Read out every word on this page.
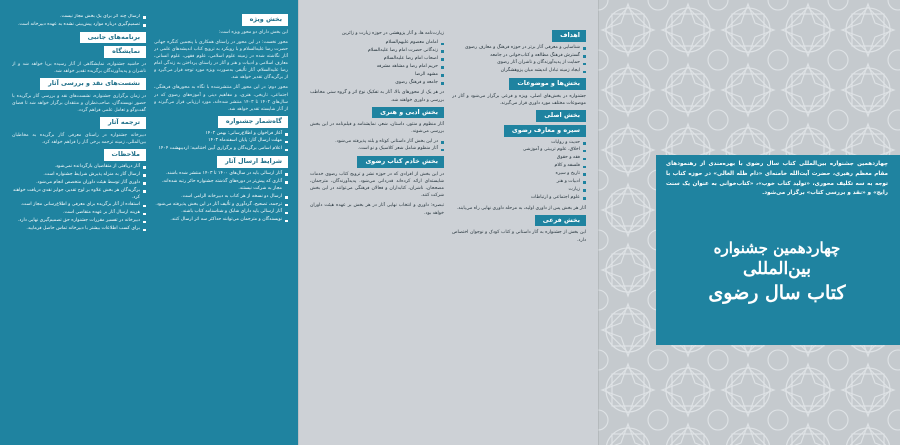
بخش ویژه

این بخش دارای دو محور ویژه است:

محور نخست: در این محور در راستای همکاری با پنجمین کنگره جهانی حضرت رضا علیه‌السلام و با رویکرد به ترویج کتاب اندیشه‌های علمی در آثار نگاشته شده در زمینه علوم اسلامی، علوم فقهی، علوم انسانی، معارف اسلامی و ادبیات و هنر و آثار در راستای پرداختن به زندگی امام رضا علیه‌السلام، آثار تألیفی به‌صورت ویژه مورد توجه قرار می‌گیرد و از برگزیدگان تقدیر خواهد شد.

محور دوم: در این محور آثار منتشرشده با نگاه به محورهای فرهنگی، اجتماعی، تاریخی، هنری، و مفاهیم دینی و آموزه‌های رضوی که در سال‌های ۱۴۰۲ تا ۱۴۰۳ منتشر شده‌اند، مورد ارزیابی قرار می‌گیرند و از آثار شایسته تقدیر خواهد شد.

گاه‌شمار جشنواره
آغاز فراخوان و اطلاع‌رسانی: بهمن ۱۴۰۲
مهلت ارسال آثار: پایان اسفندماه ۱۴۰۳
اعلام اسامی برگزیدگان و برگزاری آیین اختتامیه: اردیبهشت ۱۴۰۴
شرایط ارسال آثار
آثار ارسالی باید در سال‌های ۱۴۰۰ تا ۱۴۰۳ منتشر شده باشند.
آثاری که پیش‌تر در دوره‌های گذشته جشنواره حائز رتبه شده‌اند، مجاز به شرکت نیستند.
ارسال دو نسخه از هر کتاب به دبیرخانه الزامی است.
ترجمه، تصحیح، گردآوری و تألیف آثار در این بخش پذیرفته می‌شود.
آثار ارسالی باید دارای شابک و شناسنامه کتاب باشند.
نویسندگان و مترجمان می‌توانند حداکثر سه اثر ارسال کنند.
ارسال چند اثر برای یک بخش مجاز نیست.
تصمیم‌گیری درباره موارد پیش‌بینی نشده به عهده دبیرخانه است.
برنامه‌های جانبی
نمایشگاه

در حاشیه جشنواره، نمایشگاهی از آثار رسیده برپا خواهد شد و از ناشران و پدیدآورندگان برگزیده تقدیر خواهد شد.

نشست‌های نقد و بررسی آثار

در زمان برگزاری جشنواره، نشست‌های نقد و بررسی آثار برگزیده با حضور نویسندگان، صاحب‌نظران و منتقدان برگزار خواهد شد تا فضای گفت‌وگو و تعامل علمی فراهم گردد.

ترجمه آثار

دبیرخانه جشنواره در راستای معرفی آثار برگزیده به مخاطبان بین‌المللی، زمینه ترجمه برخی آثار را فراهم خواهد کرد.

ملاحظات
آثار دریافتی از متقاضیان بازگردانده نمی‌شود.
ارسال آثار به منزله پذیرش شرایط جشنواره است.
داوری آثار توسط هیئت داوران متخصص انجام می‌شود.
برگزیدگان هر بخش علاوه بر لوح تقدیر، جوایز نقدی دریافت خواهند کرد.
استفاده از آثار برگزیده برای معرفی و اطلاع‌رسانی مجاز است.
هزینه ارسال آثار بر عهده متقاضی است.
دبیرخانه در تفسیر مقررات جشنواره حق تصمیم‌گیری نهایی دارد.
برای کسب اطلاعات بیشتر با دبیرخانه تماس حاصل فرمایید.
اهداف
شناسایی و معرفی آثار برتر در حوزه فرهنگ و معارف رضوی
گسترش فرهنگ مطالعه و کتاب‌خوانی در جامعه
حمایت از پدیدآورندگان و ناشران آثار رضوی
ایجاد زمینه تبادل اندیشه میان پژوهشگران
بخش‌ها و موضوعات

جشنواره در بخش‌های اصلی، ویژه و فرعی برگزار می‌شود و آثار در موضوعات مختلف مورد داوری قرار می‌گیرند.

بخش اصلی
سیره و معارف رضوی
حدیث و روایات
اخلاق، علوم تربیتی و آموزشی
فقه و حقوق
فلسفه و کلام
تاریخ و سیره
ادبیات و هنر
زیارت
علوم اجتماعی و ارتباطات

آثار هر بخش پس از داوری اولیه، به مرحله داوری نهایی راه می‌یابند.

بخش فرعی

این بخش از جشنواره به آثار داستانی و کتاب کودک و نوجوان اختصاص دارد.

زیارت‌نامه ها، و آثار پژوهشی در حوزه زیارت و زائرین

امامان معصوم علیهم‌السلام
زندگانی حضرت امام رضا علیه‌السلام
اصحاب امام رضا علیه‌السلام
حریم امام رضا و مشاهد مشرفه
مشهد الرضا
جامعه و فرهنگ رضوی

در هر یک از محورهای بالا، آثار به تفکیک نوع اثر و گروه سنی مخاطب بررسی و داوری خواهند شد.

بخش ادبی و هنری

آثار منظوم و منثور، داستان، شعر، نمایشنامه و فیلم‌نامه در این بخش بررسی می‌شوند.

در این بخش آثار داستانی کوتاه و بلند پذیرفته می‌شود.
آثار منظوم شامل شعر کلاسیک و نو است.
بخش خادم کتاب رضوی

در این بخش از افرادی که در حوزه نشر و ترویج کتاب رضوی خدمات شایسته‌ای ارائه کرده‌اند قدردانی می‌شود. پدیدآورندگان، مترجمان، مصححان، ناشران، کتابداران و فعالان فرهنگی می‌توانند در این بخش شرکت کنند.

تبصره: داوری و انتخاب نهایی آثار در هر بخش بر عهده هیئت داوران خواهد بود.

چهاردهمین جشنواره بین‌المللی کتاب سال رضوی با بهره‌مندی از رهنمودهای مقام معظم رهبری، حضرت آیت‌الله خامنه‌ای «دام ظله العالی» در حوزه کتاب با توجه به سه تکلیف محوری، «تولید کتاب خوب»، «کتاب‌خوانی به عنوان یک سنت رایج» و «نقد و بررسی کتاب» برگزار می‌شود.
چهاردهمین جشنواره
بین‌المللی
کتاب سال رضوی
